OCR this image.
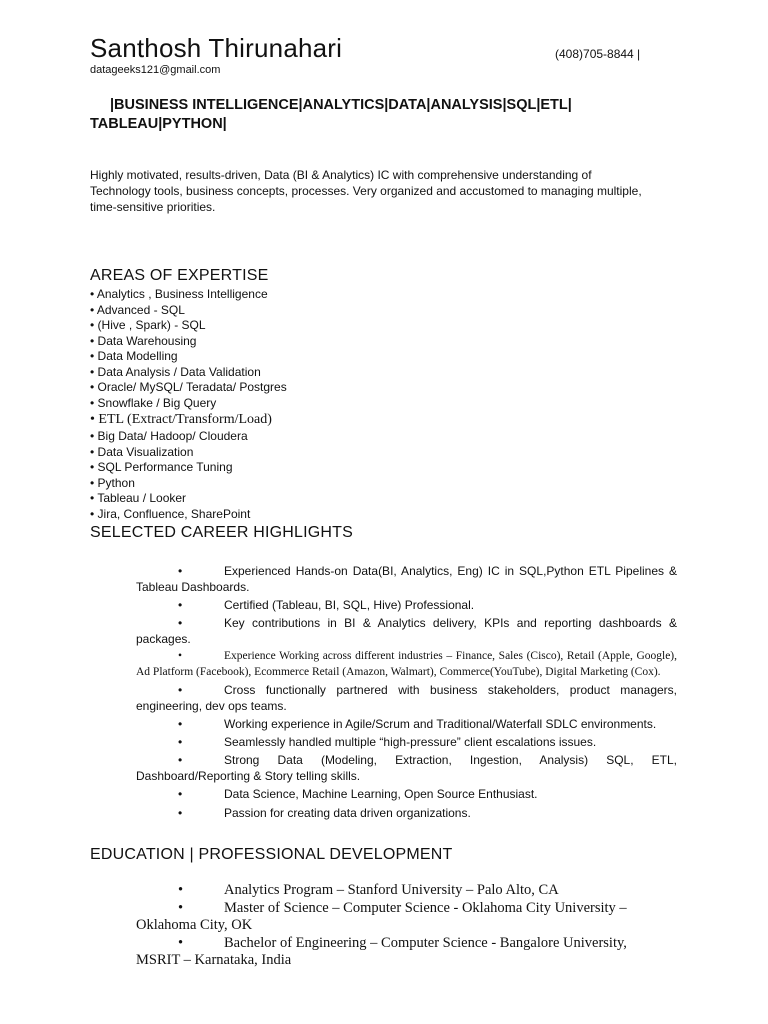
Santhosh Thirunahari	(408)705-8844 |
datageeks121@gmail.com
|BUSINESS INTELLIGENCE|ANALYTICS|DATA|ANALYSIS|SQL|ETL| TABLEAU|PYTHON|
Highly motivated, results-driven, Data (BI & Analytics) IC with comprehensive understanding of Technology tools, business concepts, processes. Very organized and accustomed to managing multiple, time-sensitive priorities.
AREAS OF EXPERTISE
• Analytics , Business Intelligence
• Advanced - SQL
• (Hive , Spark) - SQL
• Data Warehousing
• Data Modelling
• Data Analysis / Data Validation
• Oracle/ MySQL/ Teradata/ Postgres
• Snowflake / Big Query
• ETL (Extract/Transform/Load)
• Big Data/ Hadoop/ Cloudera
• Data Visualization
• SQL Performance Tuning
• Python
• Tableau / Looker
• Jira, Confluence, SharePoint
SELECTED CAREER HIGHLIGHTS
•	Experienced Hands-on Data(BI, Analytics, Eng) IC in SQL,Python ETL Pipelines & Tableau Dashboards.
•	Certified (Tableau, BI, SQL, Hive) Professional.
•	Key contributions in BI & Analytics delivery, KPIs and reporting dashboards & packages.
•	Experience Working across different industries – Finance, Sales (Cisco), Retail (Apple, Google), Ad Platform (Facebook), Ecommerce Retail (Amazon, Walmart), Commerce(YouTube), Digital Marketing (Cox).
•	Cross functionally partnered with business stakeholders, product managers, engineering, dev ops teams.
•	Working experience in Agile/Scrum and Traditional/Waterfall SDLC environments.
•	Seamlessly handled multiple “high-pressure” client escalations issues.
•	Strong Data (Modeling, Extraction, Ingestion, Analysis) SQL, ETL, Dashboard/Reporting & Story telling skills.
•	Data Science, Machine Learning, Open Source Enthusiast.
•	Passion for creating data driven organizations.
EDUCATION | PROFESSIONAL DEVELOPMENT
•	Analytics Program – Stanford University – Palo Alto, CA
•	Master of Science – Computer Science - Oklahoma City University – Oklahoma City, OK
•	Bachelor of Engineering – Computer Science - Bangalore University, MSRIT – Karnataka, India
